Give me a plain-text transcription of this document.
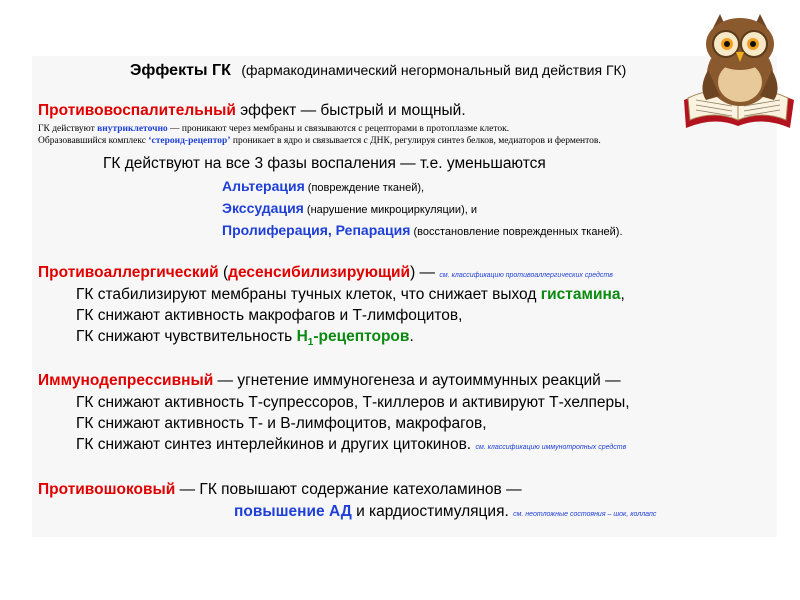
Эффекты ГК (фармакодинамический негормональный вид действия ГК)
Противовоспалительный эффект — быстрый и мощный.
ГК действуют внутриклеточно — проникают через мембраны и связываются с рецепторами в протоплазме клеток.
Образовавшийся комплекс ‘стероид-рецептор’ проникает в ядро и связывается с ДНК, регулируя синтез белков, медиаторов и ферментов.
ГК действуют на все 3 фазы воспаления — т.е. уменьшаются
Альтерация (повреждение тканей),
Экссудация (нарушение микроциркуляции), и
Пролиферация, Репарация (восстановление поврежденных тканей).
Противоаллергический (десенсибилизирующий) — см. классификацию противоаллергических средств
ГК стабилизируют мембраны тучных клеток, что снижает выход гистамина,
ГК снижают активность макрофагов и Т-лимфоцитов,
ГК снижают чувствительность $Н_1$-рецепторов.
Иммунодепрессивный — угнетение иммуногенеза и аутоиммунных реакций —
ГК снижают активность Т-супрессоров, Т-киллеров и активируют Т-хелперы,
ГК снижают активность Т- и В-лимфоцитов, макрофагов,
ГК снижают синтез интерлейкинов и других цитокинов. см. классификацию иммунотропных средств
Противошоковый — ГК повышают содержание катехоламинов —
повышение АД и кардиостимуляция. см. неотложные состояния – шок, коллапс
